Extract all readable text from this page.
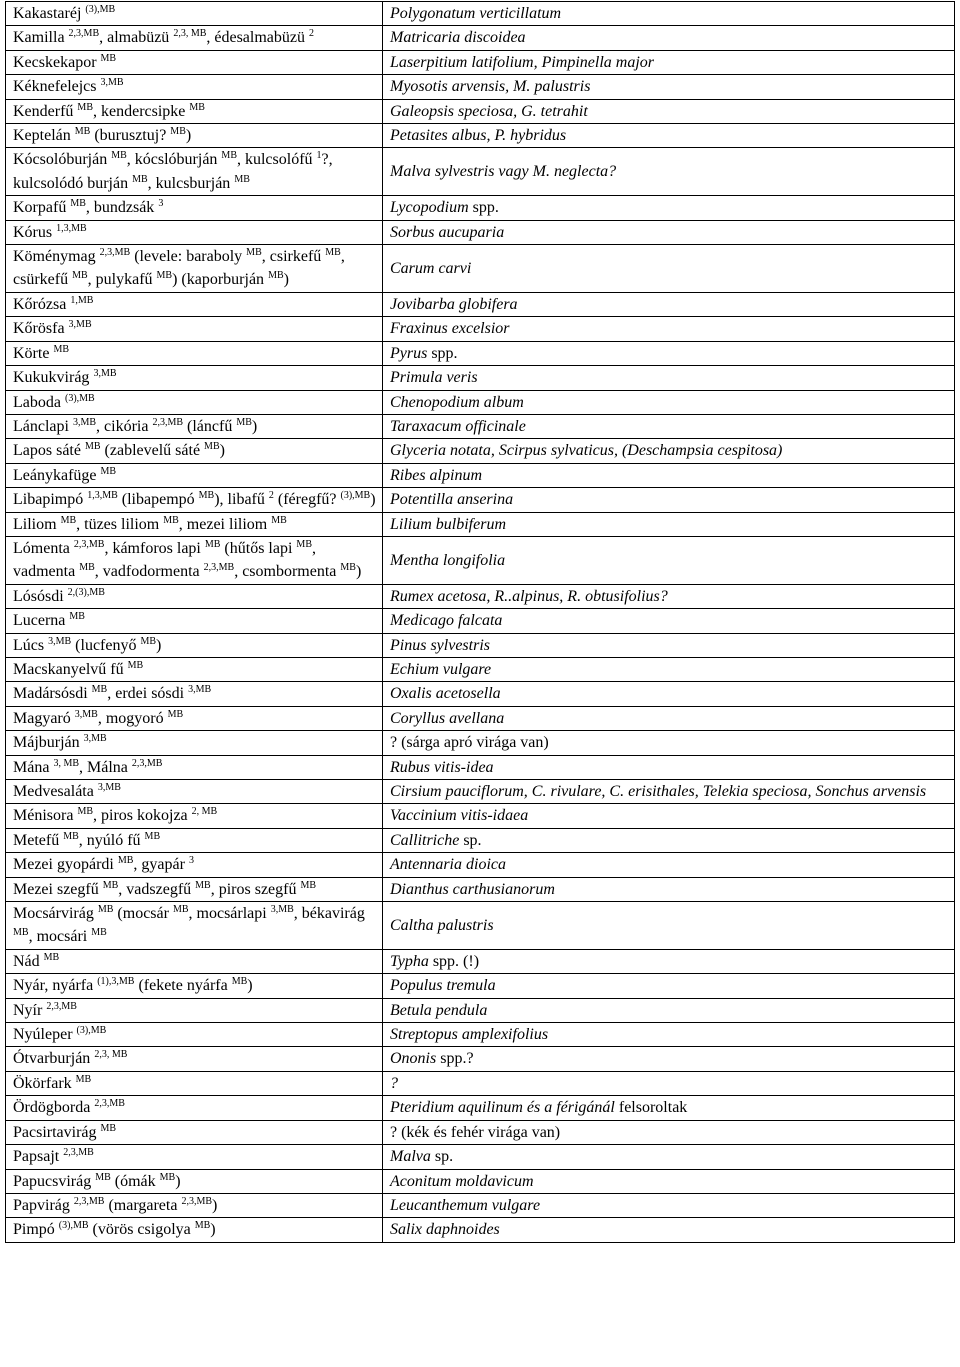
Kakastaréj $^{(3),MB}$	Polygonatum verticillatum
Kamilla $^{2,3,MB}$, almabüzü $^{2,3, MB}$, édesalmabüzü $^2$	Matricaria discoidea
Kecskekapor $^{MB}$	Laserpitium latifolium, Pimpinella major
Kéknefelejcs $^{3,MB}$	Myosotis arvensis, M. palustris
Kenderfű $^{MB}$, kendercsipke $^{MB}$	Galeopsis speciosa, G. tetrahit
Keptelán $^{MB}$ (burusztuj? $^{MB}$)	Petasites albus, P. hybridus
Kócsolóburján $^{MB}$, kócslóburján $^{MB}$, kulcsolófű $^1$?, kulcsolódó burján $^{MB}$, kulcsburján $^{MB}$	Malva sylvestris vagy M. neglecta?
Korpafű $^{MB}$, bundzsák $^3$	Lycopodium spp.
Kórus $^{1,3,MB}$	Sorbus aucuparia
Köménymag $^{2,3,MB}$ (levele: baraboly $^{MB}$, csirkefű $^{MB}$, csürkefű $^{MB}$, pulykafű $^{MB}$) (kaporburján $^{MB}$)	Carum carvi
Kőrózsa $^{1,MB}$	Jovibarba globifera
Kőrösfa $^{3,MB}$	Fraxinus excelsior
Körte $^{MB}$	Pyrus spp.
Kukukvirág $^{3,MB}$	Primula veris
Laboda $^{(3),MB}$	Chenopodium album
Lánclapi $^{3,MB}$, cikória $^{2,3,MB}$ (láncfű $^{MB}$)	Taraxacum officinale
Lapos sáté $^{MB}$ (zablevelű sáté $^{MB}$)	Glyceria notata, Scirpus sylvaticus, (Deschampsia cespitosa)
Leánykafüge $^{MB}$	Ribes alpinum
Libapimpó $^{1,3,MB}$ (libapempó $^{MB}$), libafű $^2$ (féregfű? $^{(3),MB}$)	Potentilla anserina
Liliom $^{MB}$, tüzes liliom $^{MB}$, mezei liliom $^{MB}$	Lilium bulbiferum
Lómenta $^{2,3,MB}$, kámforos lapi $^{MB}$ (hűtős lapi $^{MB}$, vadmenta $^{MB}$, vadfodormenta $^{2,3,MB}$, csombormenta $^{MB}$)	Mentha longifolia
Lósósdi $^{2,(3),MB}$	Rumex acetosa, R..alpinus, R. obtusifolius?
Lucerna $^{MB}$	Medicago falcata
Lúcs $^{3,MB}$ (lucfenyő $^{MB}$)	Pinus sylvestris
Macskanyelvű fű $^{MB}$	Echium vulgare
Madársósdi $^{MB}$, erdei sósdi $^{3,MB}$	Oxalis acetosella
Magyaró $^{3,MB}$, mogyoró $^{MB}$	Coryllus avellana
Májburján $^{3,MB}$	? (sárga apró virága van)
Mána $^{3, MB}$, Málna $^{2,3,MB}$	Rubus vitis-idea
Medvesaláta $^{3,MB}$	Cirsium pauciflorum, C. rivulare, C. erisithales, Telekia speciosa, Sonchus arvensis
Ménisora $^{MB}$, piros kokojza $^{2, MB}$	Vaccinium vitis-idaea
Metefű $^{MB}$, nyúló fű $^{MB}$	Callitriche sp.
Mezei gyopárdi $^{MB}$, gyapár $^3$	Antennaria dioica
Mezei szegfű $^{MB}$, vadszegfű $^{MB}$, piros szegfű $^{MB}$	Dianthus carthusianorum
Mocsárvirág $^{MB}$ (mocsár $^{MB}$, mocsárlapi $^{3,MB}$, békavirág $^{MB}$, mocsári $^{MB}$	Caltha palustris
Nád $^{MB}$	Typha spp. (!)
Nyár, nyárfa $^{(1),3,MB}$ (fekete nyárfa $^{MB}$)	Populus tremula
Nyír $^{2,3,MB}$	Betula pendula
Nyúleper $^{(3),MB}$	Streptopus amplexifolius
Ótvarburján $^{2,3, MB}$	Ononis spp.?
Ökörfark $^{MB}$	?
Ördögborda $^{2,3,MB}$	Pteridium aquilinum és a férigánál felsoroltak
Pacsirtavirág $^{MB}$	? (kék és fehér virága van)
Papsajt $^{2,3,MB}$	Malva sp.
Papucsvirág $^{MB}$ (ómák $^{MB}$)	Aconitum moldavicum
Papvirág $^{2,3,MB}$ (margareta $^{2,3,MB}$)	Leucanthemum vulgare
Pimpó $^{(3),MB}$ (vörös csigolya $^{MB}$)	Salix daphnoides
